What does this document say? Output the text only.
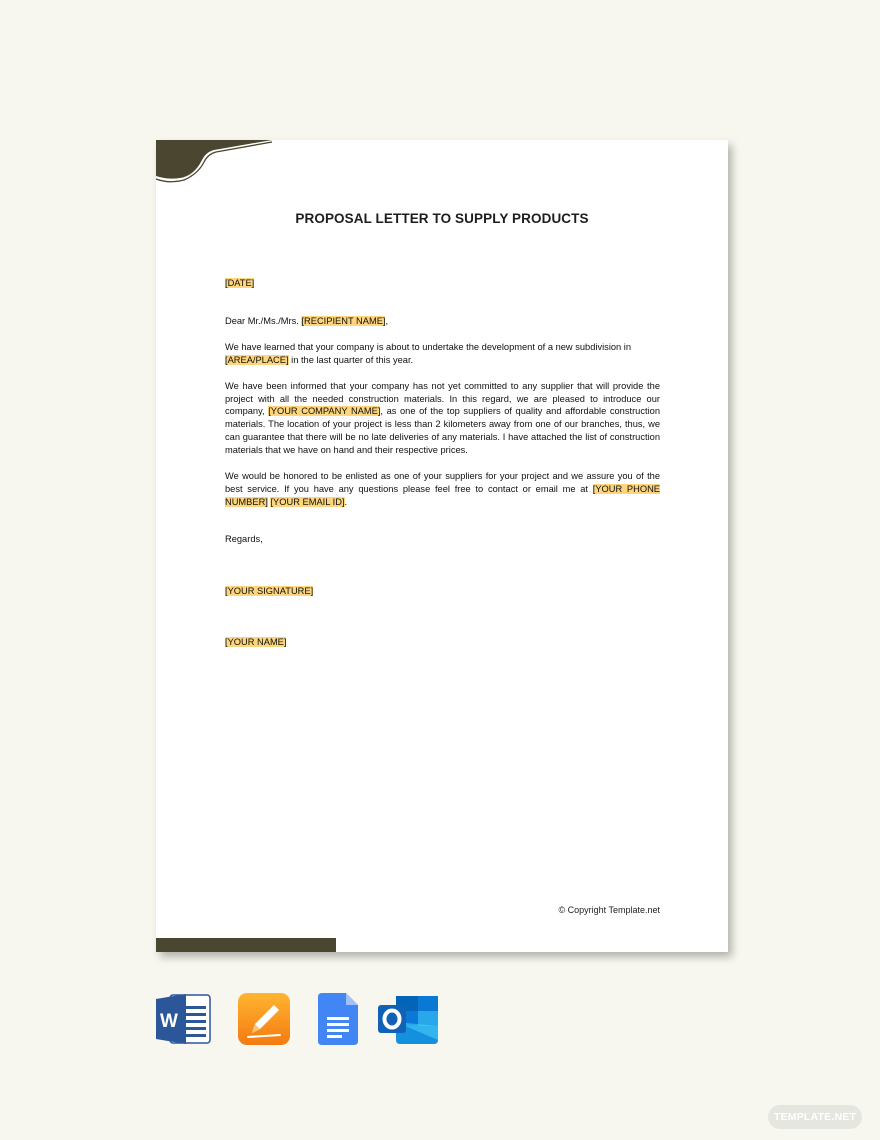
PROPOSAL LETTER TO SUPPLY PRODUCTS

[DATE]

Dear Mr./Ms./Mrs. [RECIPIENT NAME],

We have learned that your company is about to undertake the development of a new subdivision in
[AREA/PLACE] in the last quarter of this year.

We have been informed that your company has not yet committed to any supplier that will provide the project with all the needed construction materials. In this regard, we are pleased to introduce our company, [YOUR COMPANY NAME], as one of the top suppliers of quality and affordable construction materials. The location of your project is less than 2 kilometers away from one of our branches, thus, we can guarantee that there will be no late deliveries of any materials. I have attached the list of construction materials that we have on hand and their respective prices.

We would be honored to be enlisted as one of your suppliers for your project and we assure you of the best service. If you have any questions please feel free to contact or email me at [YOUR PHONE NUMBER] [YOUR EMAIL ID].

Regards,

[YOUR SIGNATURE]

[YOUR NAME]

© Copyright Template.net
W
TEMPLATE.NET
